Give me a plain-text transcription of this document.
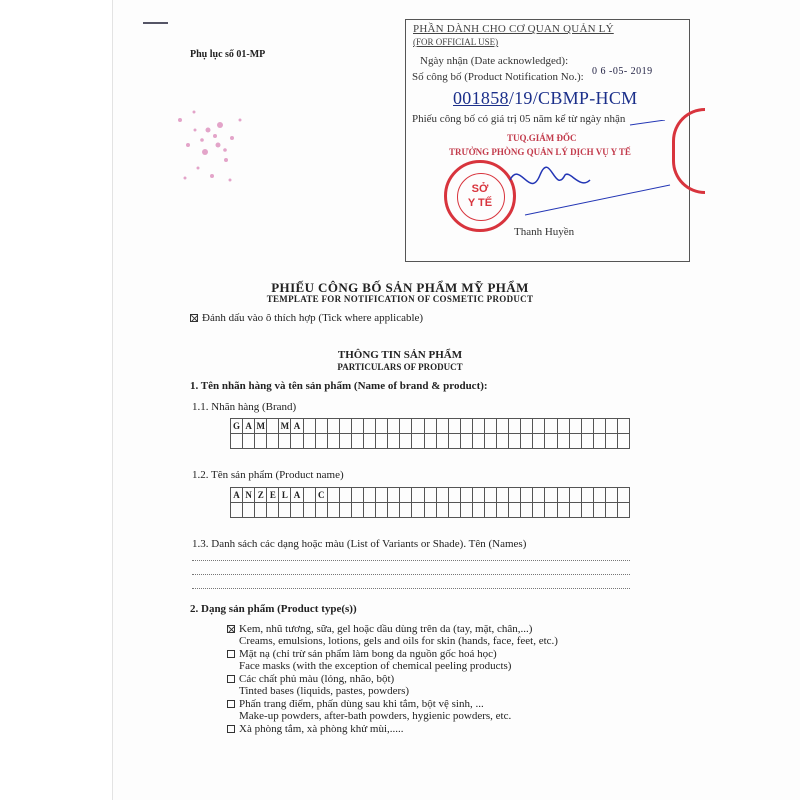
Phụ lục số 01-MP
PHẦN DÀNH CHO CƠ QUAN QUẢN LÝ
(FOR OFFICIAL USE)
Ngày nhận (Date acknowledged):
0 6 -05- 2019
Số công bố (Product Notification No.):
001858/19/CBMP-HCM
Phiếu công bố có giá trị 05 năm kể từ ngày nhận
TUQ.GIÁM ĐỐC
TRƯỞNG PHÒNG QUẢN LÝ DỊCH VỤ Y TẾ
SỞ
Y TẾ
Thanh Huyền
PHIẾU CÔNG BỐ SẢN PHẨM MỸ PHẨM
TEMPLATE FOR NOTIFICATION OF COSMETIC PRODUCT
Đánh dấu vào ô thích hợp (Tick where applicable)
THÔNG TIN SẢN PHẨM
PARTICULARS OF PRODUCT
1. Tên nhãn hàng và tên sản phẩm (Name of brand & product):
1.1. Nhãn hàng (Brand)
G	A	M		M	A																											

1.2. Tên sản phẩm (Product name)
A	N	Z	E	L	A		C																									

1.3. Danh sách các dạng hoặc màu (List of Variants or Shade). Tên (Names)
2. Dạng sản phẩm (Product type(s))
Kem, nhũ tương, sữa, gel hoặc dầu dùng trên da (tay, mặt, chân,...)
Creams, emulsions, lotions, gels and oils for skin (hands, face, feet, etc.)
Mặt nạ (chỉ trừ sản phẩm làm bong da nguồn gốc hoá học)
Face masks (with the exception of chemical peeling products)
Các chất phủ màu (lỏng, nhão, bột)
Tinted bases (liquids, pastes, powders)
Phấn trang điểm, phấn dùng sau khi tắm, bột vệ sinh, ...
Make-up powders, after-bath powders, hygienic powders, etc.
Xà phòng tắm, xà phòng khử mùi,.....
